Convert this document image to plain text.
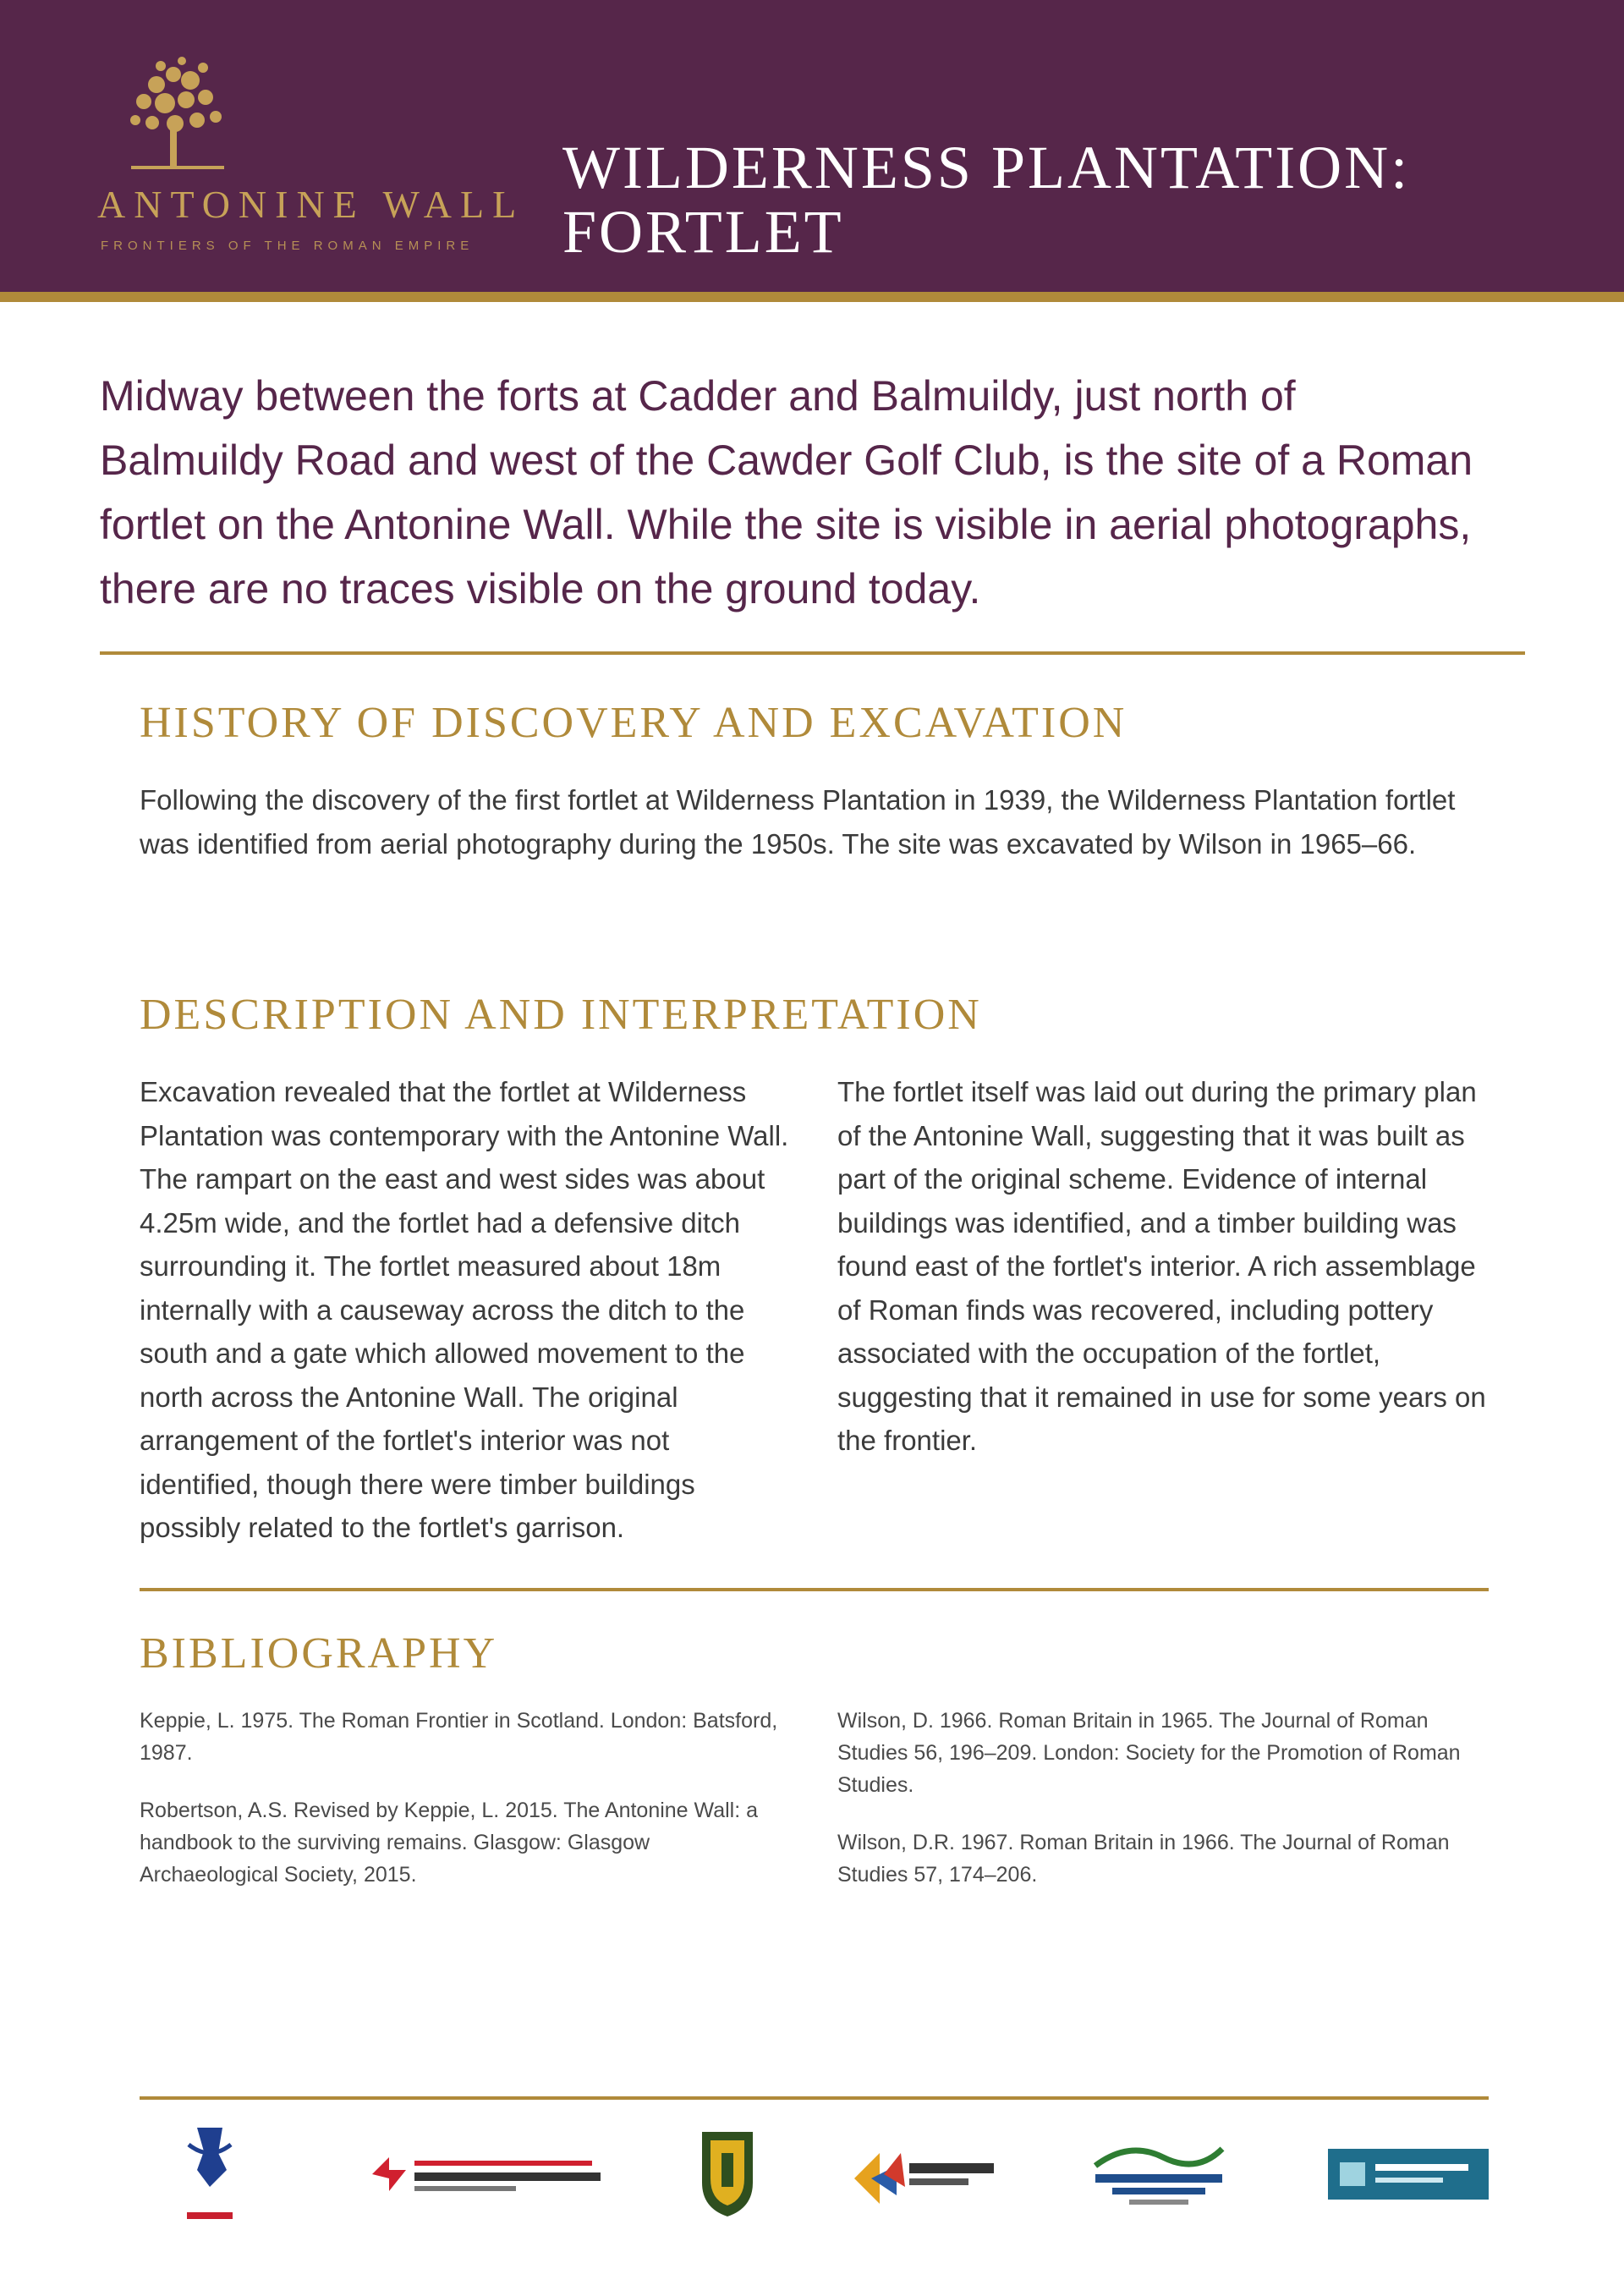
ANTONINE WALL
FRONTIERS OF THE ROMAN EMPIRE
WILDERNESS PLANTATION:
FORTLET

Midway between the forts at Cadder and Balmuildy, just north of Balmuildy Road and west of the Cawder Golf Club, is the site of a Roman fortlet on the Antonine Wall. While the site is visible in aerial photographs, there are no traces visible on the ground today.

HISTORY OF DISCOVERY AND EXCAVATION

Following the discovery of the first fortlet at Wilderness Plantation in 1939, the Wilderness Plantation fortlet was identified from aerial photography during the 1950s. The site was excavated by Wilson in 1965–66.

DESCRIPTION AND INTERPRETATION

Excavation revealed that the fortlet at Wilderness Plantation was contemporary with the Antonine Wall. The rampart on the east and west sides was about 4.25m wide, and the fortlet had a defensive ditch surrounding it. The fortlet measured about 18m internally with a causeway across the ditch to the south and a gate which allowed movement to the north across the Antonine Wall. The original arrangement of the fortlet's interior was not identified, though there were timber buildings possibly related to the fortlet's garrison.

The fortlet itself was laid out during the primary plan of the Antonine Wall, suggesting that it was built as part of the original scheme. Evidence of internal buildings was identified, and a timber building was found east of the fortlet's interior. A rich assemblage of Roman finds was recovered, including pottery associated with the occupation of the fortlet, suggesting that it remained in use for some years on the frontier.

BIBLIOGRAPHY

Keppie, L. 1975. The Roman Frontier in Scotland. London: Batsford, 1987.

Robertson, A.S. Revised by Keppie, L. 2015. The Antonine Wall: a handbook to the surviving remains. Glasgow: Glasgow Archaeological Society, 2015.

Wilson, D. 1966. Roman Britain in 1965. The Journal of Roman Studies 56, 196–209. London: Society for the Promotion of Roman Studies.

Wilson, D.R. 1967. Roman Britain in 1966. The Journal of Roman Studies 57, 174–206.
